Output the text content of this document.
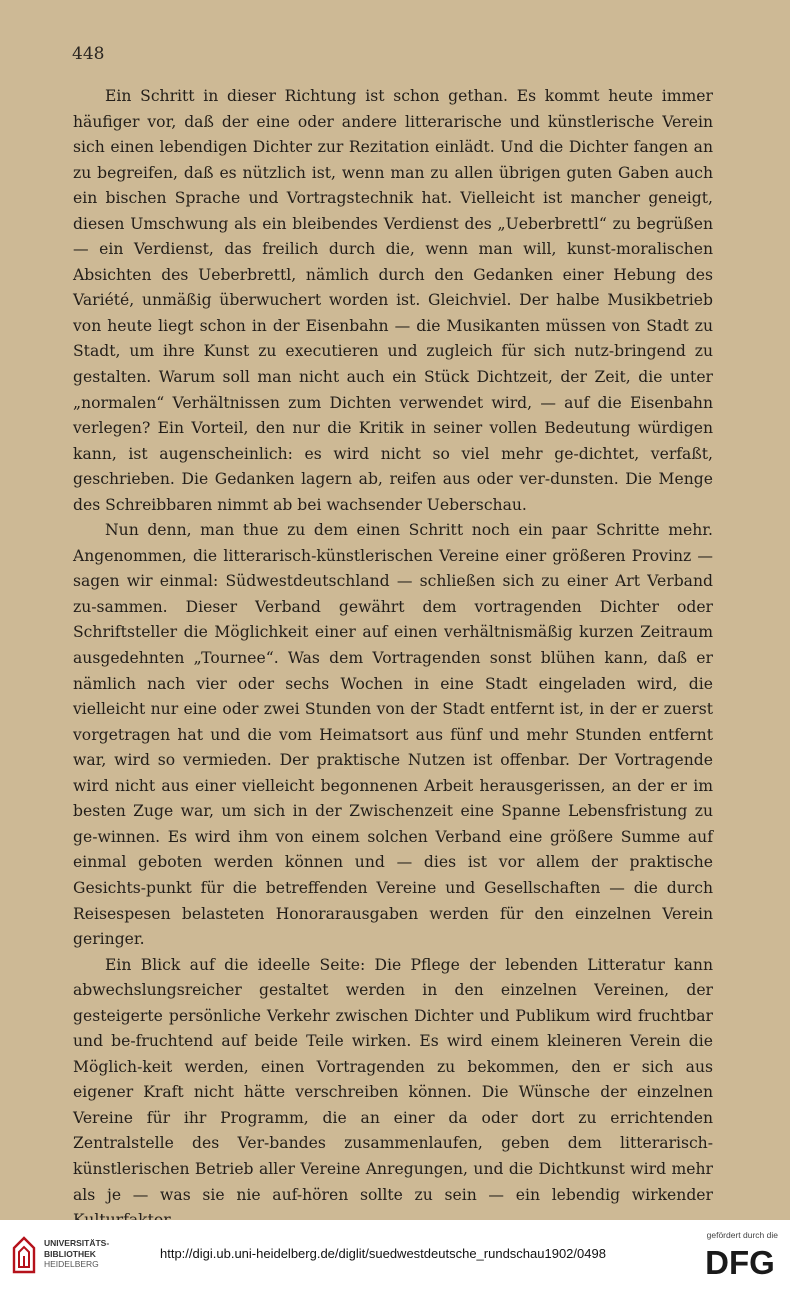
448

Ein Schritt in dieser Richtung ist schon gethan. Es kommt heute immer häufiger vor, daß der eine oder andere litterarische und künstlerische Verein sich einen lebendigen Dichter zur Rezitation einlädt. Und die Dichter fangen an zu begreifen, daß es nützlich ist, wenn man zu allen übrigen guten Gaben auch ein bischen Sprache und Vortragstechnik hat. Vielleicht ist mancher geneigt, diesen Umschwung als ein bleibendes Verdienst des „Ueberbrettl“ zu begrüßen — ein Verdienst, das freilich durch die, wenn man will, kunst-moralischen Absichten des Ueberbrettl, nämlich durch den Gedanken einer Hebung des Variété, unmäßig überwuchert worden ist. Gleichviel. Der halbe Musikbetrieb von heute liegt schon in der Eisenbahn — die Musikanten müssen von Stadt zu Stadt, um ihre Kunst zu executieren und zugleich für sich nutz-bringend zu gestalten. Warum soll man nicht auch ein Stück Dichtzeit, der Zeit, die unter „normalen“ Verhältnissen zum Dichten verwendet wird, — auf die Eisenbahn verlegen? Ein Vorteil, den nur die Kritik in seiner vollen Bedeutung würdigen kann, ist augenscheinlich: es wird nicht so viel mehr ge-dichtet, verfaßt, geschrieben. Die Gedanken lagern ab, reifen aus oder ver-dunsten. Die Menge des Schreibbaren nimmt ab bei wachsender Ueberschau.

Nun denn, man thue zu dem einen Schritt noch ein paar Schritte mehr. Angenommen, die litterarisch-künstlerischen Vereine einer größeren Provinz — sagen wir einmal: Südwestdeutschland — schließen sich zu einer Art Verband zu-sammen. Dieser Verband gewährt dem vortragenden Dichter oder Schriftsteller die Möglichkeit einer auf einen verhältnismäßig kurzen Zeitraum ausgedehnten „Tournee“. Was dem Vortragenden sonst blühen kann, daß er nämlich nach vier oder sechs Wochen in eine Stadt eingeladen wird, die vielleicht nur eine oder zwei Stunden von der Stadt entfernt ist, in der er zuerst vorgetragen hat und die vom Heimatsort aus fünf und mehr Stunden entfernt war, wird so vermieden. Der praktische Nutzen ist offenbar. Der Vortragende wird nicht aus einer vielleicht begonnenen Arbeit herausgerissen, an der er im besten Zuge war, um sich in der Zwischenzeit eine Spanne Lebensfristung zu ge-winnen. Es wird ihm von einem solchen Verband eine größere Summe auf einmal geboten werden können und — dies ist vor allem der praktische Gesichts-punkt für die betreffenden Vereine und Gesellschaften — die durch Reisespesen belasteten Honorarausgaben werden für den einzelnen Verein geringer.

Ein Blick auf die ideelle Seite: Die Pflege der lebenden Litteratur kann abwechslungsreicher gestaltet werden in den einzelnen Vereinen, der gesteigerte persönliche Verkehr zwischen Dichter und Publikum wird fruchtbar und be-fruchtend auf beide Teile wirken. Es wird einem kleineren Verein die Möglich-keit werden, einen Vortragenden zu bekommen, den er sich aus eigener Kraft nicht hätte verschreiben können. Die Wünsche der einzelnen Vereine für ihr Programm, die an einer da oder dort zu errichtenden Zentralstelle des Ver-bandes zusammenlaufen, geben dem litterarisch-künstlerischen Betrieb aller Vereine Anregungen, und die Dichtkunst wird mehr als je — was sie nie auf-hören sollte zu sein — ein lebendig wirkender

UNIVERSITÄTS-
BIBLIOTHEK
HEIDELBERG
http://digi.ub.uni-heidelberg.de/diglit/suedwestdeutsche_rundschau1902/0498
gefördert durch die
DFG
